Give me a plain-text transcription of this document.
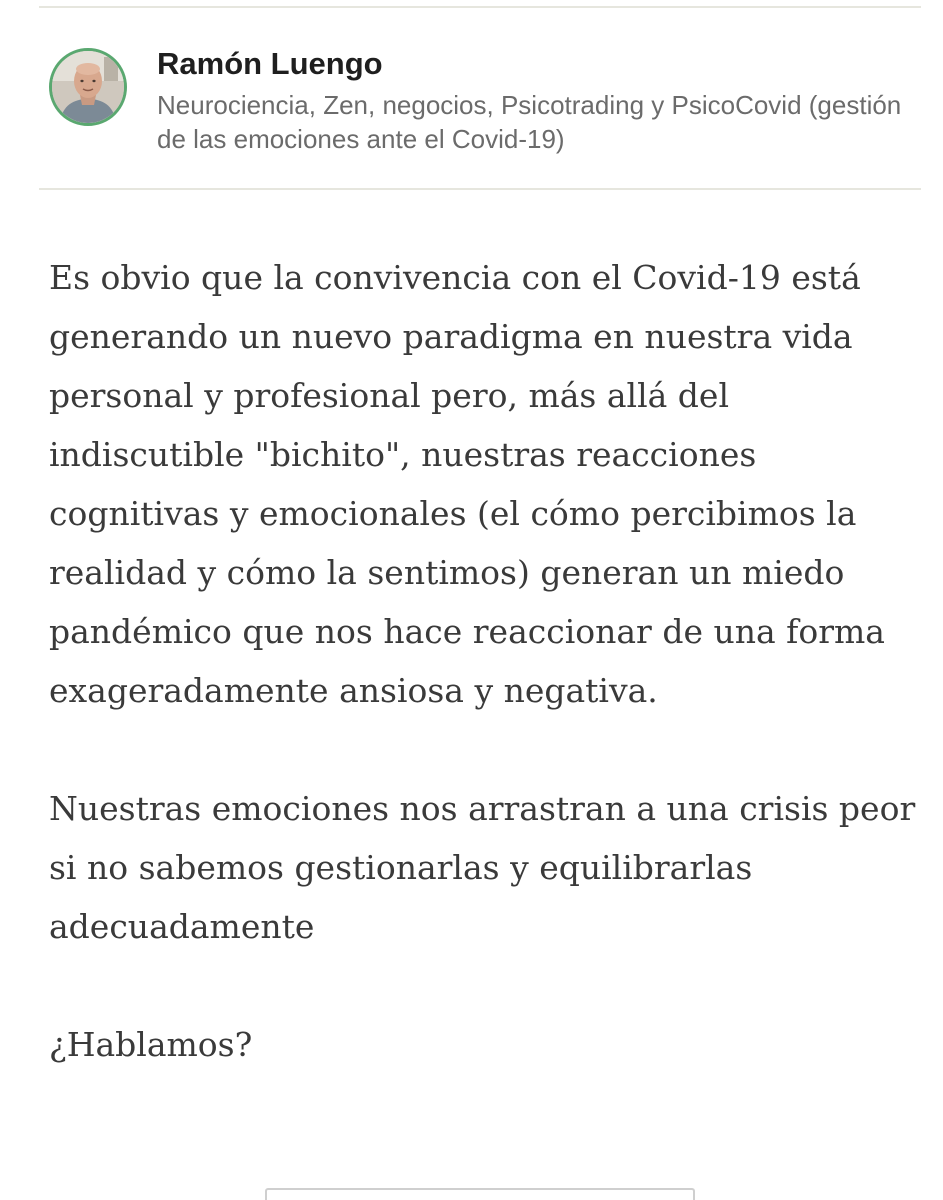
Ramón Luengo
Neurociencia, Zen, negocios, Psicotrading y PsicoCovid (gestión de las emociones ante el Covid-19)

Es obvio que la convivencia con el Covid-19 está generando un nuevo paradigma en nuestra vida personal y profesional pero, más allá del indiscutible "bichito", nuestras reacciones cognitivas y emocionales (el cómo percibimos la realidad y cómo la sentimos) generan un miedo pandémico que nos hace reaccionar de una forma exageradamente ansiosa y negativa.

Nuestras emociones nos arrastran a una crisis peor si no sabemos gestionarlas y equilibrarlas adecuadamente

¿Hablamos?
